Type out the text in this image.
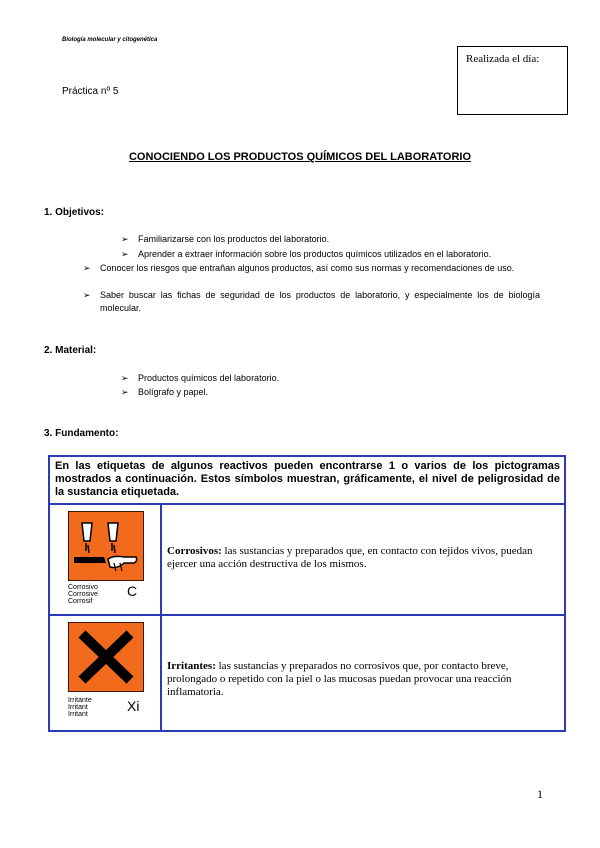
Biología molecular y citogenética
Realizada el día:
Práctica nº 5
CONOCIENDO LOS PRODUCTOS QUÍMICOS DEL LABORATORIO
1. Objetivos:
➢ Familiarizarse con los productos del laboratorio.
➢ Aprender a extraer información sobre los productos químicos utilizados en el laboratorio.
➢ Conocer los riesgos que entrañan algunos productos, así como sus normas y recomendaciones de uso.
➢ Saber buscar las fichas de seguridad de los productos de laboratorio, y especialmente los de biología molecular.
2. Material:
➢ Productos químicos del laboratorio.
➢ Bolígrafo y papel.
3. Fundamento:
En las etiquetas de algunos reactivos pueden encontrarse 1 o varios de los pictogramas mostrados a continuación. Estos símbolos muestran, gráficamente, el nivel de peligrosidad de la sustancia etiquetada.
Corrosivo
Corrosive
Corrosif
C
Corrosivos: las sustancias y preparados que, en contacto con tejidos vivos, puedan ejercer una acción destructiva de los mismos.
Irritante
Irritant
Irritant
Xi
Irritantes: las sustancias y preparados no corrosivos que, por contacto breve, prolongado o repetido con la piel o las mucosas puedan provocar una reacción inflamatoria.
1
